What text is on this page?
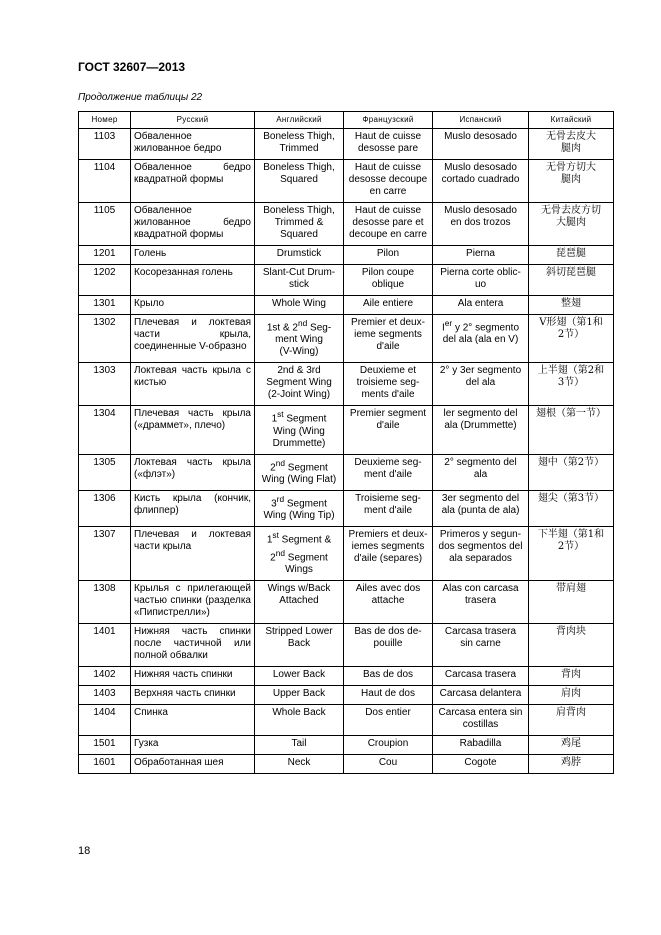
ГОСТ 32607—2013
Продолжение таблицы 22
Номер	Русский	Английский	Французский	Испанский	Китайский
1103	Обваленное жилованное бедро	Boneless Thigh,
Trimmed	Haut de cuisse
desosse pare	Muslo desosado	无骨去皮大
腿肉
1104	Обваленное бедро квадратной формы	Boneless Thigh,
Squared	Haut de cuisse
desosse decoupe
en carre	Muslo desosado
cortado cuadrado	无骨方切大
腿肉
1105	Обваленное жилованное бедро квадратной формы	Boneless Thigh,
Trimmed &
Squared	Haut de cuisse
desosse pare et
decoupe en carre	Muslo desosado
en dos trozos	无骨去皮方切
大腿肉
1201	Голень	Drumstick	Pilon	Pierna	琵琶腿
1202	Косорезанная голень	Slant-Cut Drum-
stick	Pilon coupe
oblique	Pierna corte oblic-
uo	斜切琵琶腿
1301	Крыло	Whole Wing	Aile entiere	Ala entera	整翅
1302	Плечевая и локтевая части крыла, соединенные V-образно	1st & 2nd Seg-
ment Wing
(V-Wing)	Premier et deux-
ieme segments
d'aile	Ier y 2° segmento
del ala (ala en V)	V形翅（第1和
2节）
1303	Локтевая часть крыла с кистью	2nd & 3rd
Segment Wing
(2-Joint Wing)	Deuxieme et
troisieme seg-
ments d'aile	2° y 3er segmento
del ala	上半翅（第2和
3节）
1304	Плечевая часть крыла («драммет», плечо)	1st Segment
Wing (Wing
Drummette)	Premier segment
d'aile	ler segmento del
ala (Drummette)	翅根（第一节）
1305	Локтевая часть крыла («флэт»)	2nd Segment
Wing (Wing Flat)	Deuxieme seg-
ment d'aile	2° segmento del
ala	翅中（第2节）
1306	Кисть крыла (кончик, флиппер)	3rd Segment
Wing (Wing Tip)	Troisieme seg-
ment d'aile	3er segmento del
ala (punta de ala)	翅尖（第3节）
1307	Плечевая и локтевая части крыла	1st Segment &
2nd Segment
Wings	Premiers et deux-
iemes segments
d'aile (separes)	Primeros y segun-
dos segmentos del
ala separados	下半翅（第1和
2节）
1308	Крылья с прилегающей частью спинки (разделка «Пипистрелли»)	Wings w/Back
Attached	Ailes avec dos
attache	Alas con carcasa
trasera	带肩翅
1401	Нижняя часть спинки после частичной или полной обвалки	Stripped Lower
Back	Bas de dos de-
pouille	Carcasa trasera
sin carne	背肉块
1402	Нижняя часть спинки	Lower Back	Bas de dos	Carcasa trasera	背肉
1403	Верхняя часть спинки	Upper Back	Haut de dos	Carcasa delantera	肩肉
1404	Спинка	Whole Back	Dos entier	Carcasa entera sin
costillas	肩背肉
1501	Гузка	Tail	Croupion	Rabadilla	鸡尾
1601	Обработанная шея	Neck	Cou	Cogote	鸡脖
18
